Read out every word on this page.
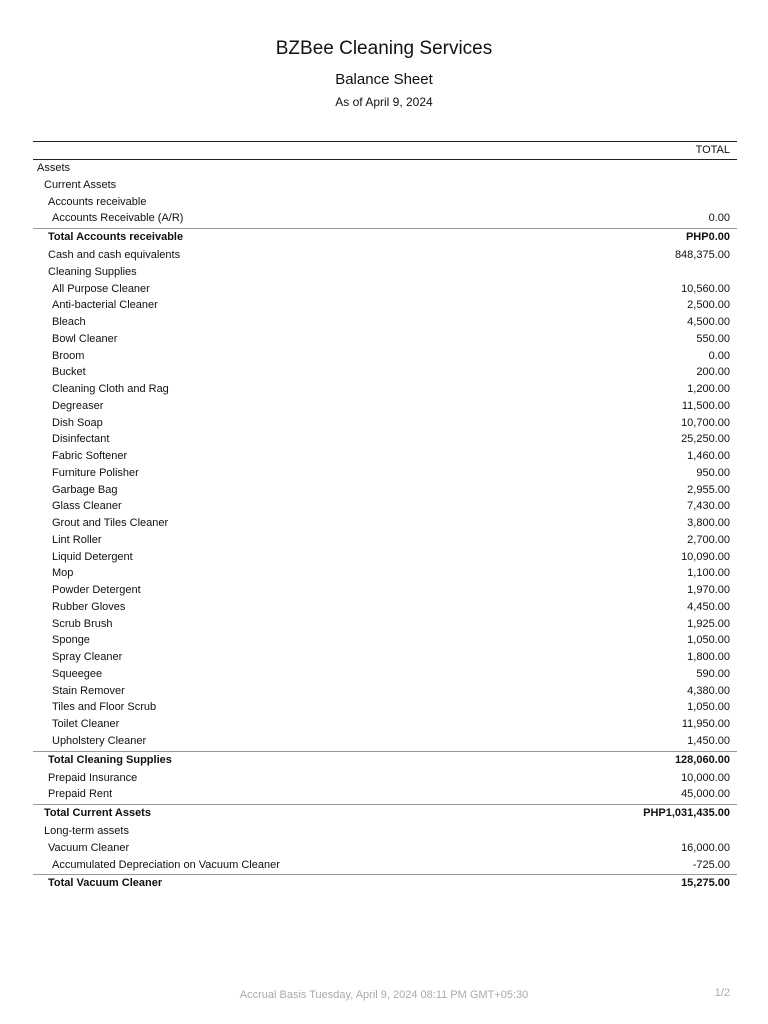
BZBee Cleaning Services
Balance Sheet
As of April 9, 2024
TOTAL
Assets
Current Assets
Accounts receivable
Accounts Receivable (A/R)	0.00
Total Accounts receivable	PHP0.00
Cash and cash equivalents	848,375.00
Cleaning Supplies
All Purpose Cleaner	10,560.00
Anti-bacterial Cleaner	2,500.00
Bleach	4,500.00
Bowl Cleaner	550.00
Broom	0.00
Bucket	200.00
Cleaning Cloth and Rag	1,200.00
Degreaser	11,500.00
Dish Soap	10,700.00
Disinfectant	25,250.00
Fabric Softener	1,460.00
Furniture Polisher	950.00
Garbage Bag	2,955.00
Glass Cleaner	7,430.00
Grout and Tiles Cleaner	3,800.00
Lint Roller	2,700.00
Liquid Detergent	10,090.00
Mop	1,100.00
Powder Detergent	1,970.00
Rubber Gloves	4,450.00
Scrub Brush	1,925.00
Sponge	1,050.00
Spray Cleaner	1,800.00
Squeegee	590.00
Stain Remover	4,380.00
Tiles and Floor Scrub	1,050.00
Toilet Cleaner	11,950.00
Upholstery Cleaner	1,450.00
Total Cleaning Supplies	128,060.00
Prepaid Insurance	10,000.00
Prepaid Rent	45,000.00
Total Current Assets	PHP1,031,435.00
Long-term assets
Vacuum Cleaner	16,000.00
Accumulated Depreciation on Vacuum Cleaner	-725.00
Total Vacuum Cleaner	15,275.00
Accrual Basis Tuesday, April 9, 2024 08:11 PM GMT+05:30	1/2
